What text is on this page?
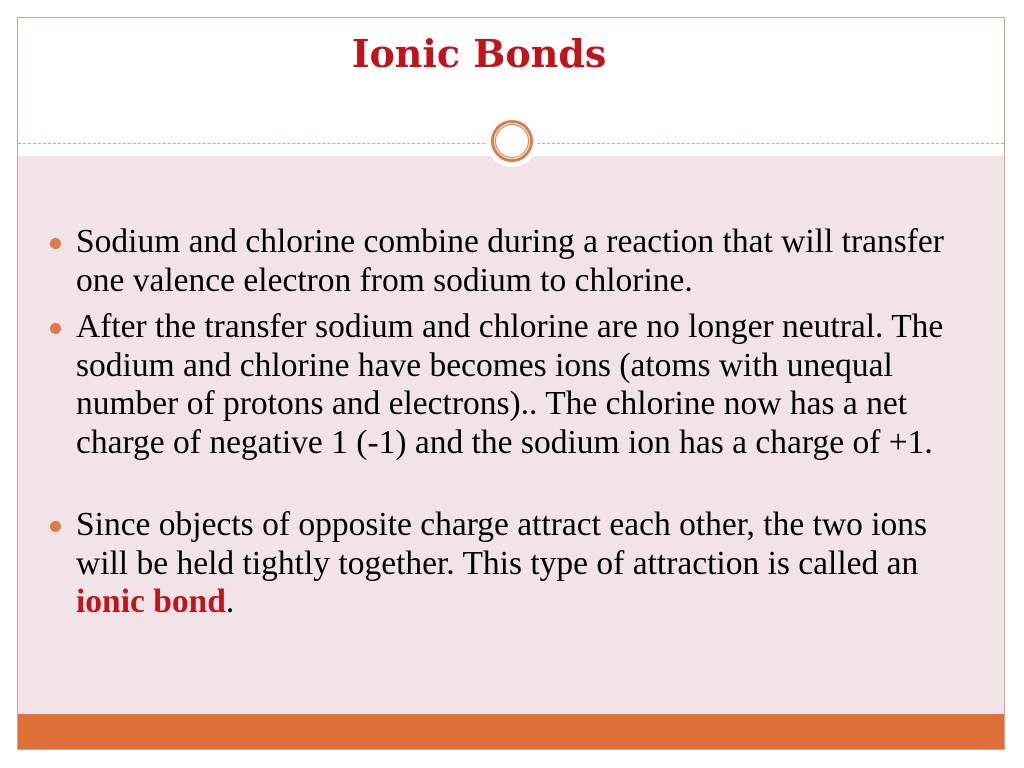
Ionic Bonds
Sodium and chlorine combine during a reaction that will transfer one valence electron from sodium to chlorine.
After the transfer sodium and chlorine are no longer neutral. The sodium and chlorine have becomes ions (atoms with unequal number of protons and electrons).. The chlorine now has a net charge of negative 1 (-1) and the sodium ion has a charge of +1.
Since objects of opposite charge attract each other, the two ions will be held tightly together. This type of attraction is called an ionic bond.
